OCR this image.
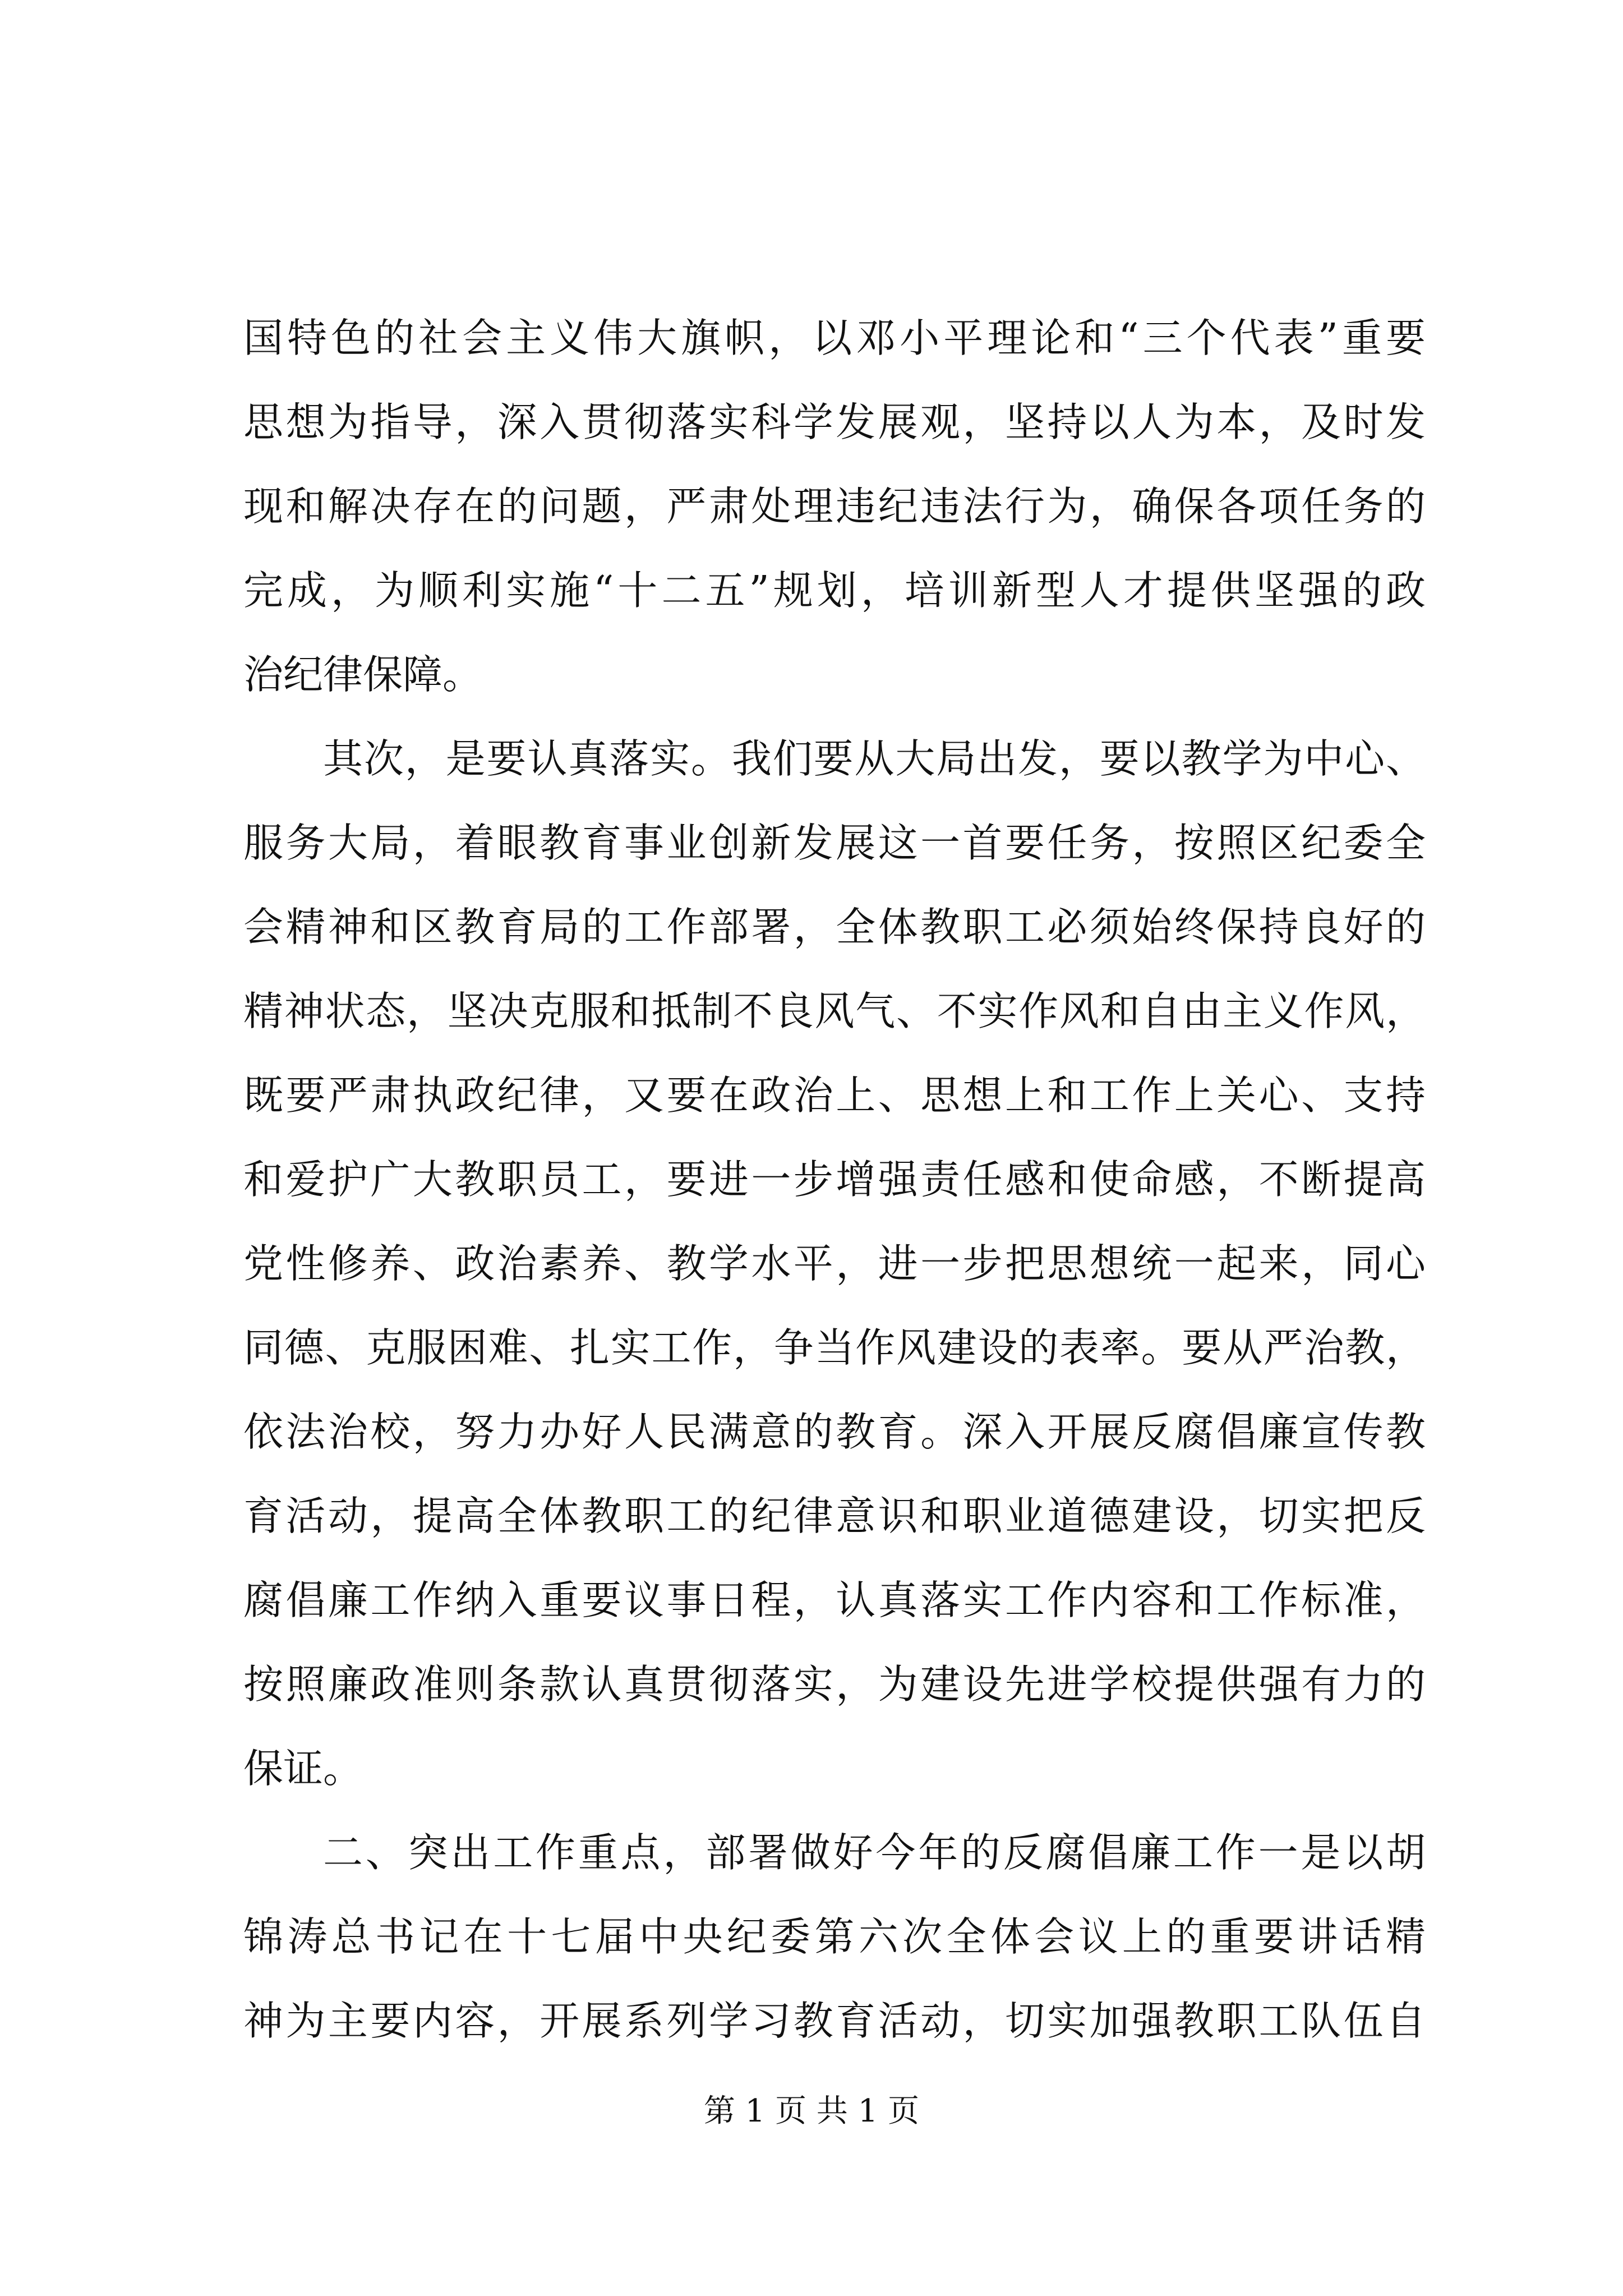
国特色的社会主义伟大旗帜，以邓小平理论和“三个代表”重要
思想为指导，深入贯彻落实科学发展观，坚持以人为本，及时发
现和解决存在的问题，严肃处理违纪违法行为，确保各项任务的
完成，为顺利实施“十二五”规划，培训新型人才提供坚强的政
治纪律保障。
其次，是要认真落实。我们要从大局出发，要以教学为中心、
服务大局，着眼教育事业创新发展这一首要任务，按照区纪委全
会精神和区教育局的工作部署，全体教职工必须始终保持良好的
精神状态，坚决克服和抵制不良风气、不实作风和自由主义作风，
既要严肃执政纪律，又要在政治上、思想上和工作上关心、支持
和爱护广大教职员工，要进一步增强责任感和使命感，不断提高
党性修养、政治素养、教学水平，进一步把思想统一起来，同心
同德、克服困难、扎实工作，争当作风建设的表率。要从严治教，
依法治校，努力办好人民满意的教育。深入开展反腐倡廉宣传教
育活动，提高全体教职工的纪律意识和职业道德建设，切实把反
腐倡廉工作纳入重要议事日程，认真落实工作内容和工作标准，
按照廉政准则条款认真贯彻落实，为建设先进学校提供强有力的
保证。
二、突出工作重点，部署做好今年的反腐倡廉工作一是以胡
锦涛总书记在十七届中央纪委第六次全体会议上的重要讲话精
神为主要内容，开展系列学习教育活动，切实加强教职工队伍自
第 1 页 共 1 页
